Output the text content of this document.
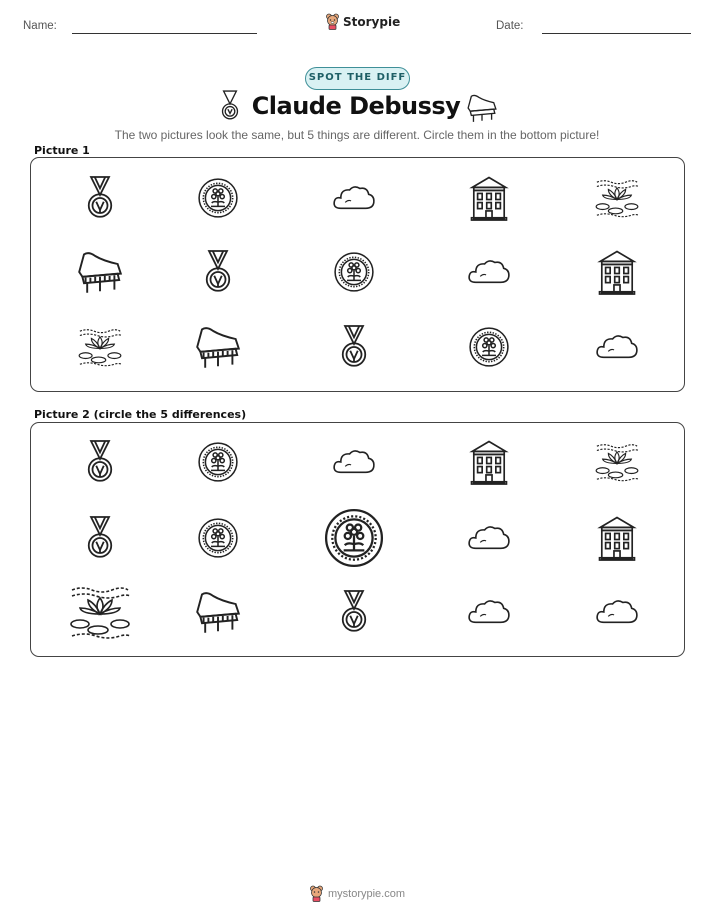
Name:	Date:
Storypie
SPOT THE DIFF
Claude Debussy
The two pictures look the same, but 5 things are different. Circle them in the bottom picture!
Picture 1
Picture 2 (circle the 5 differences)
mystorypie.com
